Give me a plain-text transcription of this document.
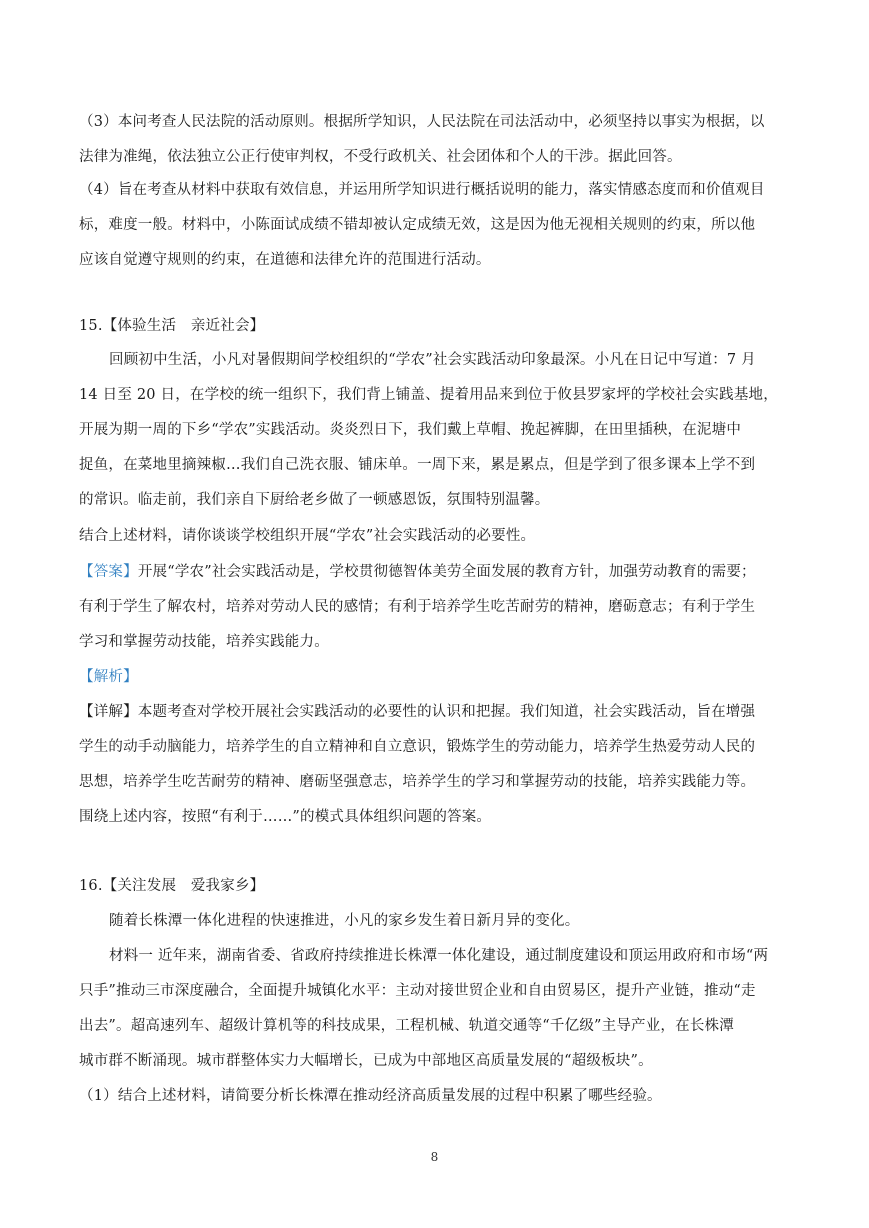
（3）本问考查人民法院的活动原则。根据所学知识，人民法院在司法活动中，必须坚持以事实为根据，以
法律为准绳，依法独立公正行使审判权，不受行政机关、社会团体和个人的干涉。据此回答。
（4）旨在考查从材料中获取有效信息，并运用所学知识进行概括说明的能力，落实情感态度而和价值观目
标，难度一般。材料中，小陈面试成绩不错却被认定成绩无效，这是因为他无视相关规则的约束，所以他
应该自觉遵守规则的约束，在道德和法律允许的范围进行活动。
15.【体验生活　亲近社会】
回顾初中生活，小凡对暑假期间学校组织的“学农”社会实践活动印象最深。小凡在日记中写道：7 月
14 日至 20 日，在学校的统一组织下，我们背上铺盖、提着用品来到位于攸县罗家坪的学校社会实践基地，
开展为期一周的下乡“学农”实践活动。炎炎烈日下，我们戴上草帽、挽起裤脚，在田里插秧，在泥塘中
捉鱼，在菜地里摘辣椒…我们自己洗衣服、铺床单。一周下来，累是累点，但是学到了很多课本上学不到
的常识。临走前，我们亲自下厨给老乡做了一顿感恩饭，氛围特别温馨。
结合上述材料，请你谈谈学校组织开展“学农”社会实践活动的必要性。
【答案】开展“学农”社会实践活动是，学校贯彻德智体美劳全面发展的教育方针，加强劳动教育的需要；
有利于学生了解农村，培养对劳动人民的感情；有利于培养学生吃苦耐劳的精神，磨砺意志；有利于学生
学习和掌握劳动技能，培养实践能力。
【解析】
【详解】本题考查对学校开展社会实践活动的必要性的认识和把握。我们知道，社会实践活动，旨在增强
学生的动手动脑能力，培养学生的自立精神和自立意识，锻炼学生的劳动能力，培养学生热爱劳动人民的
思想，培养学生吃苦耐劳的精神、磨砺坚强意志，培养学生的学习和掌握劳动的技能，培养实践能力等。
围绕上述内容，按照“有利于……”的模式具体组织问题的答案。
16.【关注发展　爱我家乡】
随着长株潭一体化进程的快速推进，小凡的家乡发生着日新月异的变化。
材料一 近年来，湖南省委、省政府持续推进长株潭一体化建设，通过制度建设和顶运用政府和市场“两
只手”推动三市深度融合，全面提升城镇化水平：主动对接世贸企业和自由贸易区，提升产业链，推动“走
出去”。超高速列车、超级计算机等的科技成果，工程机械、轨道交通等“千亿级”主导产业，在长株潭
城市群不断涌现。城市群整体实力大幅增长，已成为中部地区高质量发展的“超级板块”。
（1）结合上述材料，请简要分析长株潭在推动经济高质量发展的过程中积累了哪些经验。
8
